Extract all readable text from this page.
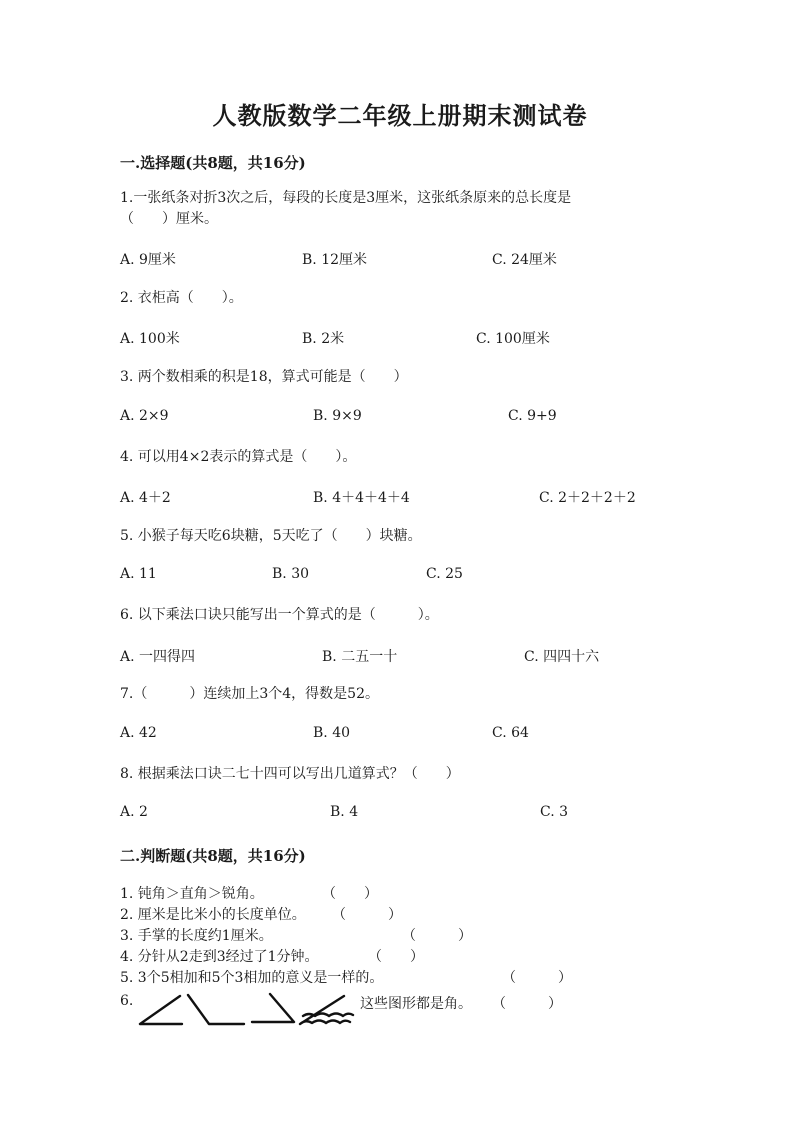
人教版数学二年级上册期末测试卷
一.选择题(共8题，共16分)
1.一张纸条对折3次之后，每段的长度是3厘米，这张纸条原来的总长度是
（　　）厘米。
A. 9厘米	B. 12厘米	C. 24厘米
2. 衣柜高（　　）。
A. 100米	B. 2米	C. 100厘米
3. 两个数相乘的积是18，算式可能是（　　）
A. 2×9	B. 9×9	C. 9+9
4. 可以用4×2表示的算式是（　　）。
A. 4＋2	B. 4＋4＋4＋4	C. 2＋2＋2＋2
5. 小猴子每天吃6块糖，5天吃了（　　）块糖。
A. 11	B. 30	C. 25
6. 以下乘法口诀只能写出一个算式的是（　　　）。
A. 一四得四	B. 二五一十	C. 四四十六
7.（　　　）连续加上3个4，得数是52。
A. 42	B. 40	C. 64
8. 根据乘法口诀二七十四可以写出几道算式？（　　）
A. 2	B. 4	C. 3
二.判断题(共8题，共16分)
1. 钝角＞直角＞锐角。	（　　）
2. 厘米是比米小的长度单位。 （　　　）
3. 手掌的长度约1厘米。	（　　　）
4. 分针从2走到3经过了1分钟。	（　　）
5. 3个5相加和5个3相加的意义是一样的。	（　　　）
6.	这些图形都是角。 （　　　）
